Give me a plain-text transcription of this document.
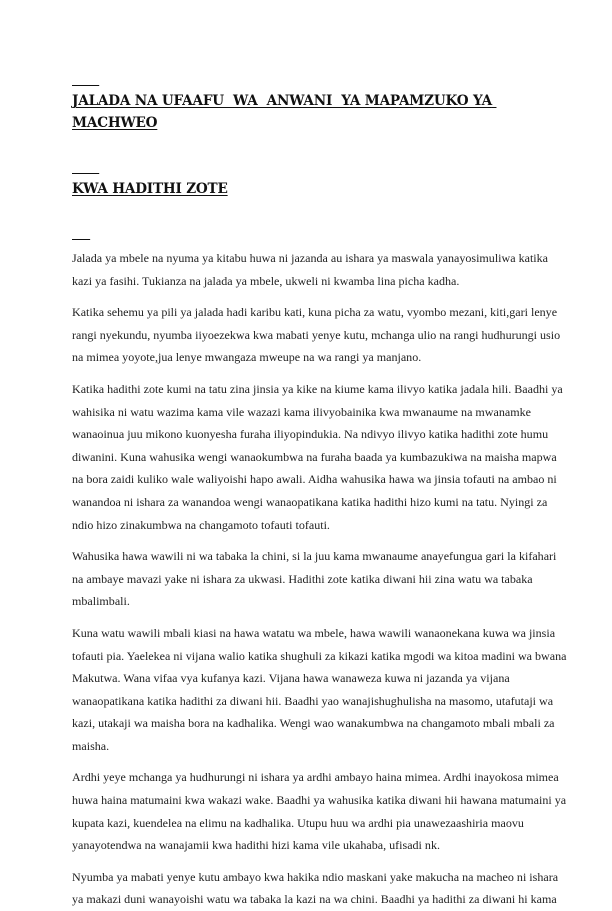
JALADA NA UFAAFU  WA  ANWANI  YA MAPAMZUKO YA MACHWEO

KWA HADITHI ZOTE

Jalada ya mbele na nyuma ya kitabu huwa ni jazanda au ishara ya maswala yanayosimuliwa katika
kazi ya fasihi. Tukianza na jalada ya mbele, ukweli ni kwamba lina picha kadha.

Katika sehemu ya pili ya jalada hadi karibu kati, kuna picha za watu, vyombo mezani, kiti,gari lenye
rangi nyekundu, nyumba iiyoezekwa kwa mabati yenye kutu, mchanga ulio na rangi hudhurungi usio
na mimea yoyote,jua lenye mwangaza mweupe na wa rangi ya manjano.

Katika hadithi zote kumi na tatu zina jinsia ya kike na kiume kama ilivyo katika jadala hili. Baadhi ya
wahisika ni watu wazima kama vile wazazi kama ilivyobainika kwa mwanaume na mwanamke
wanaoinua juu mikono kuonyesha furaha iliyopindukia. Na ndivyo ilivyo katika hadithi zote humu
diwanini. Kuna wahusika wengi wanaokumbwa na furaha baada ya kumbazukiwa na maisha mapwa
na bora zaidi kuliko wale waliyoishi hapo awali. Aidha wahusika hawa wa jinsia tofauti na ambao ni
wanandoa ni ishara za wanandoa wengi wanaopatikana katika hadithi hizo kumi na tatu. Nyingi za
ndio hizo zinakumbwa na changamoto tofauti tofauti.

Wahusika hawa wawili ni wa tabaka la chini, si la juu kama mwanaume anayefungua gari la kifahari
na ambaye mavazi yake ni ishara za ukwasi. Hadithi zote katika diwani hii zina watu wa tabaka
mbalimbali.

Kuna watu wawili mbali kiasi na hawa watatu wa mbele, hawa wawili wanaonekana kuwa wa jinsia
tofauti pia. Yaelekea ni vijana walio katika shughuli za kikazi katika mgodi wa kitoa madini wa bwana
Makutwa. Wana vifaa vya kufanya kazi. Vijana hawa wanaweza kuwa ni jazanda ya vijana
wanaopatikana katika hadithi za diwani hii. Baadhi yao wanajishughulisha na masomo, utafutaji wa
kazi, utakaji wa maisha bora na kadhalika. Wengi wao wanakumbwa na changamoto mbali mbali za
maisha.

Ardhi yeye mchanga ya hudhurungi ni ishara ya ardhi ambayo haina mimea. Ardhi inayokosa mimea
huwa haina matumaini kwa wakazi wake. Baadhi ya wahusika katika diwani hii hawana matumaini ya
kupata kazi, kuendelea na elimu na kadhalika. Utupu huu wa ardhi pia unawezaashiria maovu
yanayotendwa na wanajamii kwa hadithi hizi kama vile ukahaba, ufisadi nk.

Nyumba ya mabati yenye kutu ambayo kwa hakika ndio maskani yake makucha na macheo ni ishara
ya makazi duni wanayoishi watu wa tabaka la kazi na wa chini. Baadhi ya hadithi za diwani hi kama
